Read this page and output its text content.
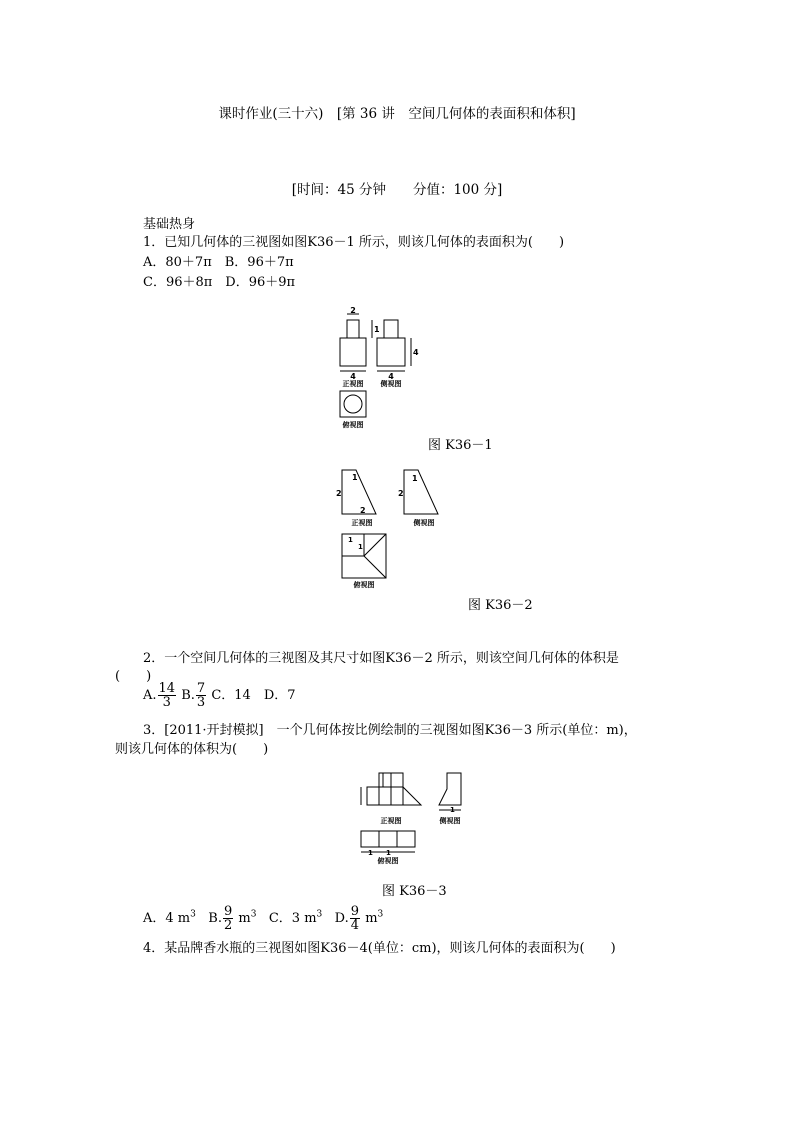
课时作业(三十六)　[第 36 讲　空间几何体的表面积和体积]
[时间：45 分钟　　分值：100 分]
基础热身
1．已知几何体的三视图如图K36－1 所示，则该几何体的表面积为(　　)
A．80＋7π　B．96＋7π
C．96＋8π　D．96＋9π
2
1
4
4	4
正视图 侧视图
俯视图
图 K36－1
1
2
2
1
2
1
1
正视图	侧视图
俯视图
图 K36－2
2．一个空间几何体的三视图及其尺寸如图K36－2 所示，则该空间几何体的体积是
(　　)
A. $\frac{14}{3} B$. $\frac{7}{3}$ C．14　D．7
3．[2011·开封模拟]　一个几何体按比例绘制的三视图如图K36－3 所示(单位：m)，
则该几何体的体积为(　　)
1
1 1
正视图	侧视图
俯视图
图 K36－3
A．4 $m^3$ B. $\frac{9}{2} m^3$ C．3 $m^3$ D. $\frac{9}{4} m^3$
4．某品牌香水瓶的三视图如图K36－4(单位：cm)，则该几何体的表面积为(　　)
